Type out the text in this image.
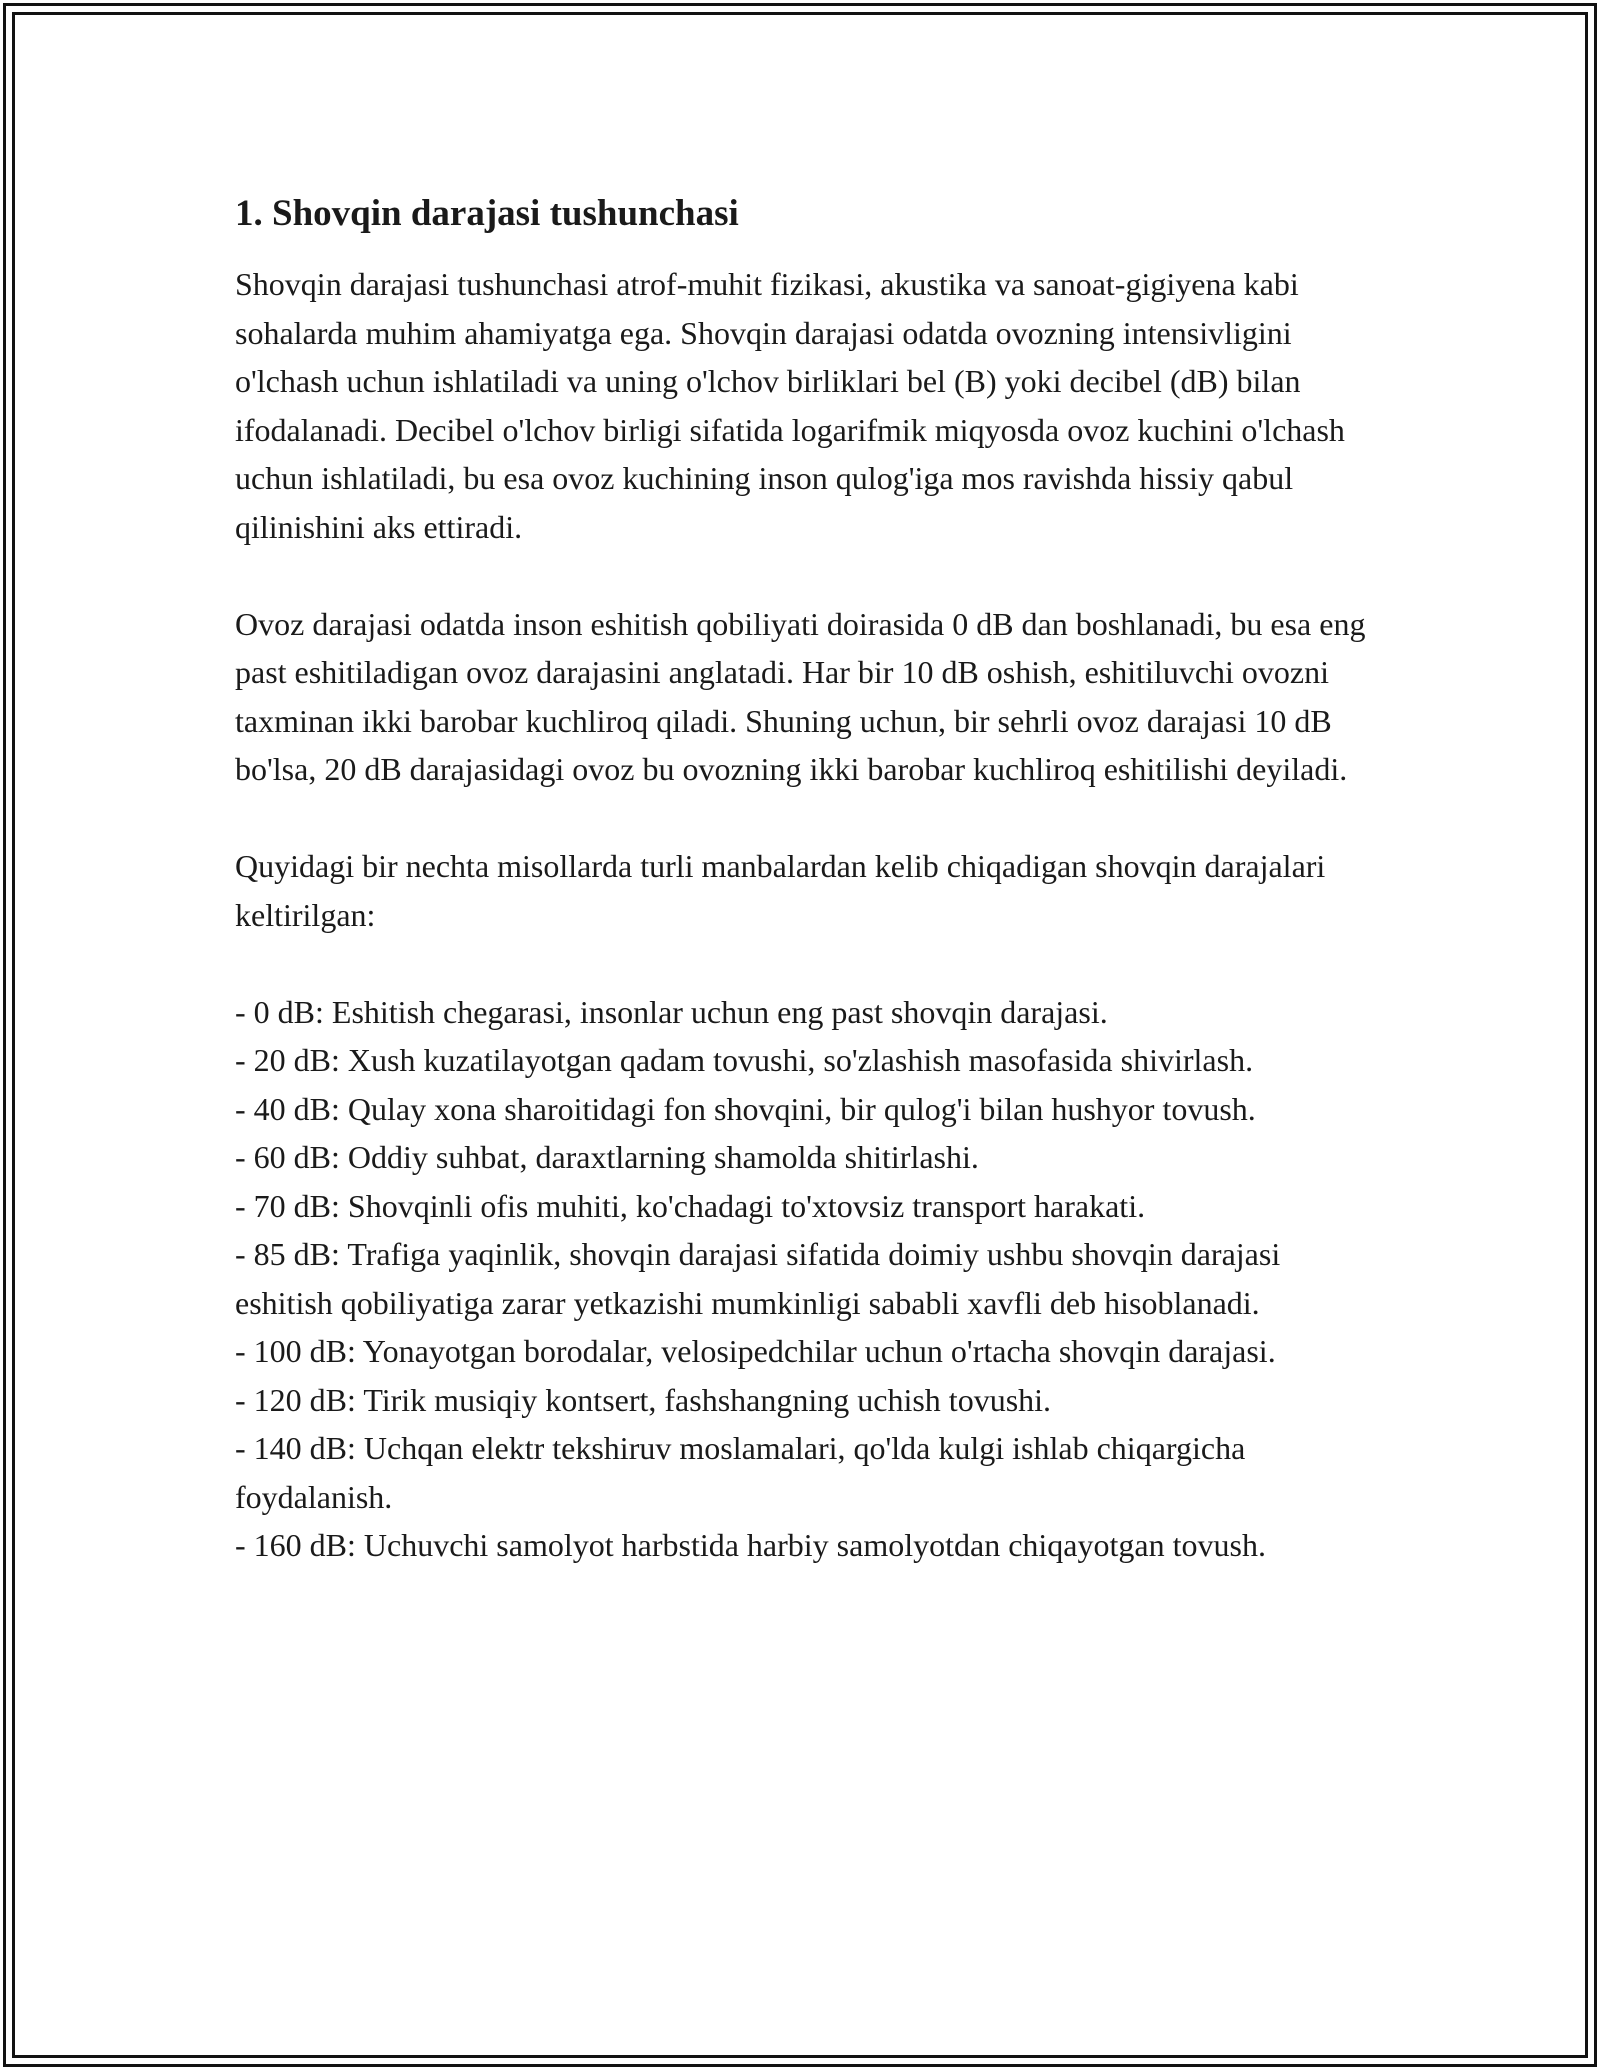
1. Shovqin darajasi tushunchasi

Shovqin darajasi tushunchasi atrof-muhit fizikasi, akustika va sanoat-gigiyena kabi sohalarda muhim ahamiyatga ega. Shovqin darajasi odatda ovozning intensivligini o'lchash uchun ishlatiladi va uning o'lchov birliklari bel (B) yoki decibel (dB) bilan ifodalanadi. Decibel o'lchov birligi sifatida logarifmik miqyosda ovoz kuchini o'lchash uchun ishlatiladi, bu esa ovoz kuchining inson qulog'iga mos ravishda hissiy qabul qilinishini aks ettiradi.

Ovoz darajasi odatda inson eshitish qobiliyati doirasida 0 dB dan boshlanadi, bu esa eng past eshitiladigan ovoz darajasini anglatadi. Har bir 10 dB oshish, eshitiluvchi ovozni taxminan ikki barobar kuchliroq qiladi. Shuning uchun, bir sehrli ovoz darajasi 10 dB bo'lsa, 20 dB darajasidagi ovoz bu ovozning ikki barobar kuchliroq eshitilishi deyiladi.

Quyidagi bir nechta misollarda turli manbalardan kelib chiqadigan shovqin darajalari keltirilgan:

- 0 dB: Eshitish chegarasi, insonlar uchun eng past shovqin darajasi.
- 20 dB: Xush kuzatilayotgan qadam tovushi, so'zlashish masofasida shivirlash.
- 40 dB: Qulay xona sharoitidagi fon shovqini, bir qulog'i bilan hushyor tovush.
- 60 dB: Oddiy suhbat, daraxtlarning shamolda shitirlashi.
- 70 dB: Shovqinli ofis muhiti, ko'chadagi to'xtovsiz transport harakati.
- 85 dB: Trafiga yaqinlik, shovqin darajasi sifatida doimiy ushbu shovqin darajasi eshitish qobiliyatiga zarar yetkazishi mumkinligi sababli xavfli deb hisoblanadi.
- 100 dB: Yonayotgan borodalar, velosipedchilar uchun o'rtacha shovqin darajasi.
- 120 dB: Tirik musiqiy kontsert, fashshangning uchish tovushi.
- 140 dB: Uchqan elektr tekshiruv moslamalari, qo'lda kulgi ishlab chiqargicha foydalanish.
- 160 dB: Uchuvchi samolyot harbstida harbiy samolyotdan chiqayotgan tovush.
